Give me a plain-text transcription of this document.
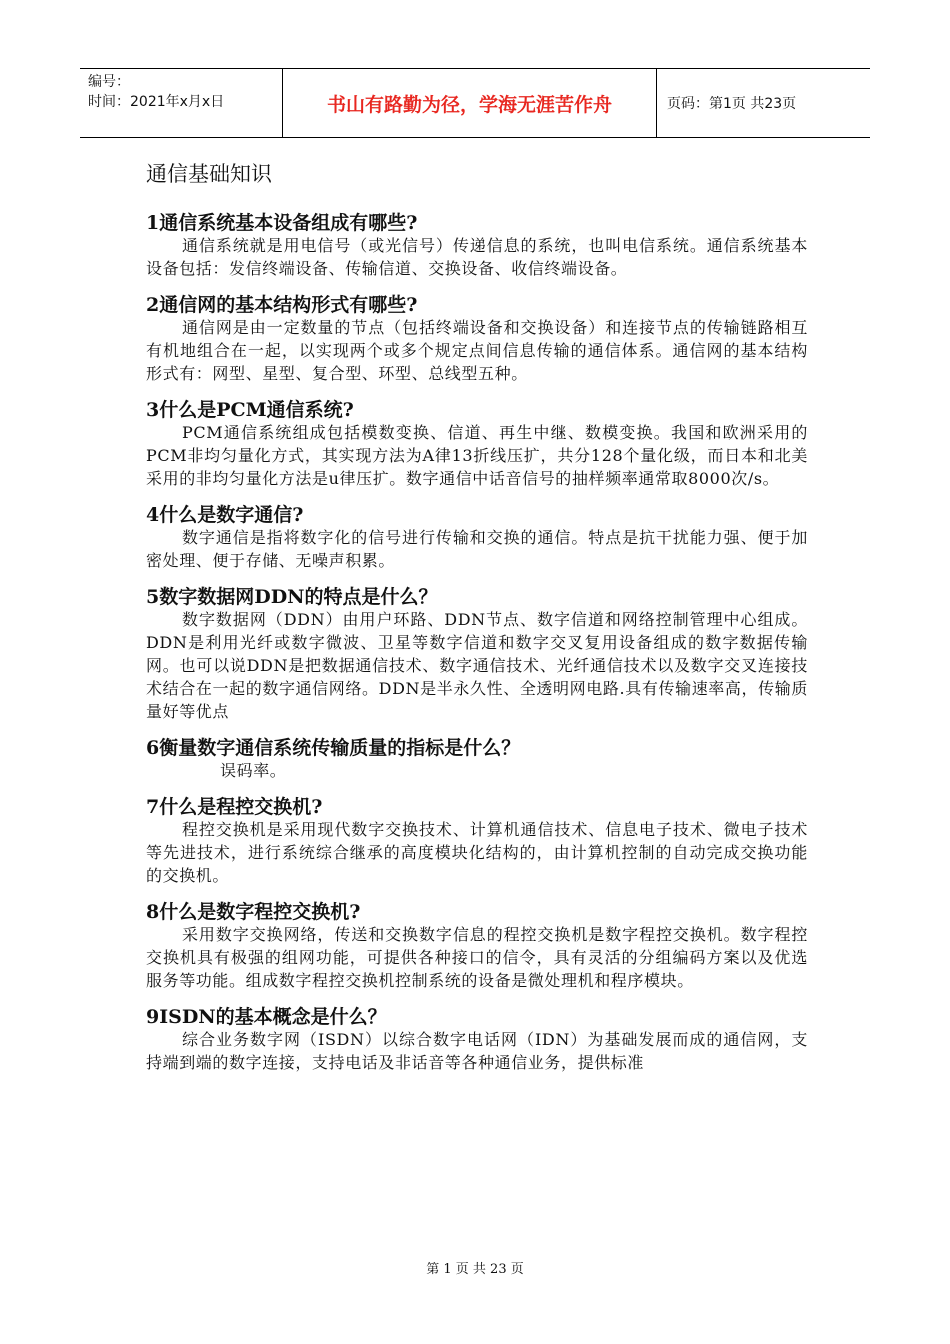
编号：
时间：2021年x月x日	书山有路勤为径，学海无涯苦作舟	页码：第1页 共23页
通信基础知识

1通信系统基本设备组成有哪些?

通信系统就是用电信号（或光信号）传递信息的系统，也叫电信系统。通信系统基本设备包括：发信终端设备、传输信道、交换设备、收信终端设备。

2通信网的基本结构形式有哪些?

通信网是由一定数量的节点（包括终端设备和交换设备）和连接节点的传输链路相互有机地组合在一起，以实现两个或多个规定点间信息传输的通信体系。通信网的基本结构形式有：网型、星型、复合型、环型、总线型五种。

3什么是PCM通信系统?

PCM通信系统组成包括模数变换、信道、再生中继、数模变换。我国和欧洲采用的PCM非均匀量化方式，其实现方法为A律13折线压扩，共分128个量化级，而日本和北美采用的非均匀量化方法是u律压扩。数字通信中话音信号的抽样频率通常取8000次/s。

4什么是数字通信?

数字通信是指将数字化的信号进行传输和交换的通信。特点是抗干扰能力强、便于加密处理、便于存储、无噪声积累。

5数字数据网DDN的特点是什么？

数字数据网（DDN）由用户环路、DDN节点、数字信道和网络控制管理中心组成。DDN是利用光纤或数字微波、卫星等数字信道和数字交叉复用设备组成的数字数据传输网。也可以说DDN是把数据通信技术、数字通信技术、光纤通信技术以及数字交叉连接技术结合在一起的数字通信网络。DDN是半永久性、全透明网电路.具有传输速率高，传输质量好等优点

6衡量数字通信系统传输质量的指标是什么？

误码率。

7什么是程控交换机?

程控交换机是采用现代数字交换技术、计算机通信技术、信息电子技术、微电子技术等先进技术，进行系统综合继承的高度模块化结构的，由计算机控制的自动完成交换功能的交换机。

8什么是数字程控交换机?

采用数字交换网络，传送和交换数字信息的程控交换机是数字程控交换机。数字程控交换机具有极强的组网功能，可提供各种接口的信令，具有灵活的分组编码方案以及优选服务等功能。组成数字程控交换机控制系统的设备是微处理机和程序模块。

9ISDN的基本概念是什么？

综合业务数字网（ISDN）以综合数字电话网（IDN）为基础发展而成的通信网，支持端到端的数字连接，支持电话及非话音等各种通信业务，提供标准

第 1 页 共 23 页
